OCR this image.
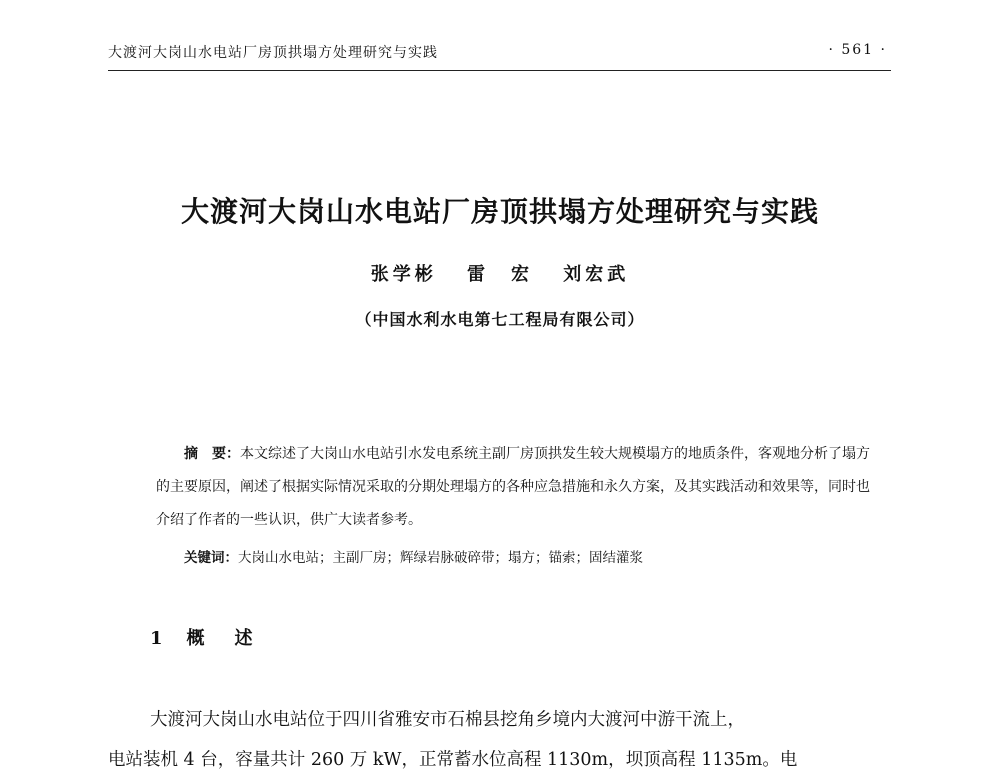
大渡河大岗山水电站厂房顶拱塌方处理研究与实践	· 561 ·
大渡河大岗山水电站厂房顶拱塌方处理研究与实践
张学彬 雷　宏 刘宏武
（中国水利水电第七工程局有限公司）

摘　要：本文综述了大岗山水电站引水发电系统主副厂房顶拱发生较大规模塌方的地质条件，客观地分析了塌方的主要原因，阐述了根据实际情况采取的分期处理塌方的各种应急措施和永久方案，及其实践活动和效果等，同时也介绍了作者的一些认识，供广大读者参考。

关键词：大岗山水电站；主副厂房；辉绿岩脉破碎带；塌方；锚索；固结灌浆
1 概　述

大渡河大岗山水电站位于四川省雅安市石棉县挖角乡境内大渡河中游干流上，

电站装机 4 台，容量共计 260 万 kW，正常蓄水位高程 1130m，坝顶高程 1135m。电
